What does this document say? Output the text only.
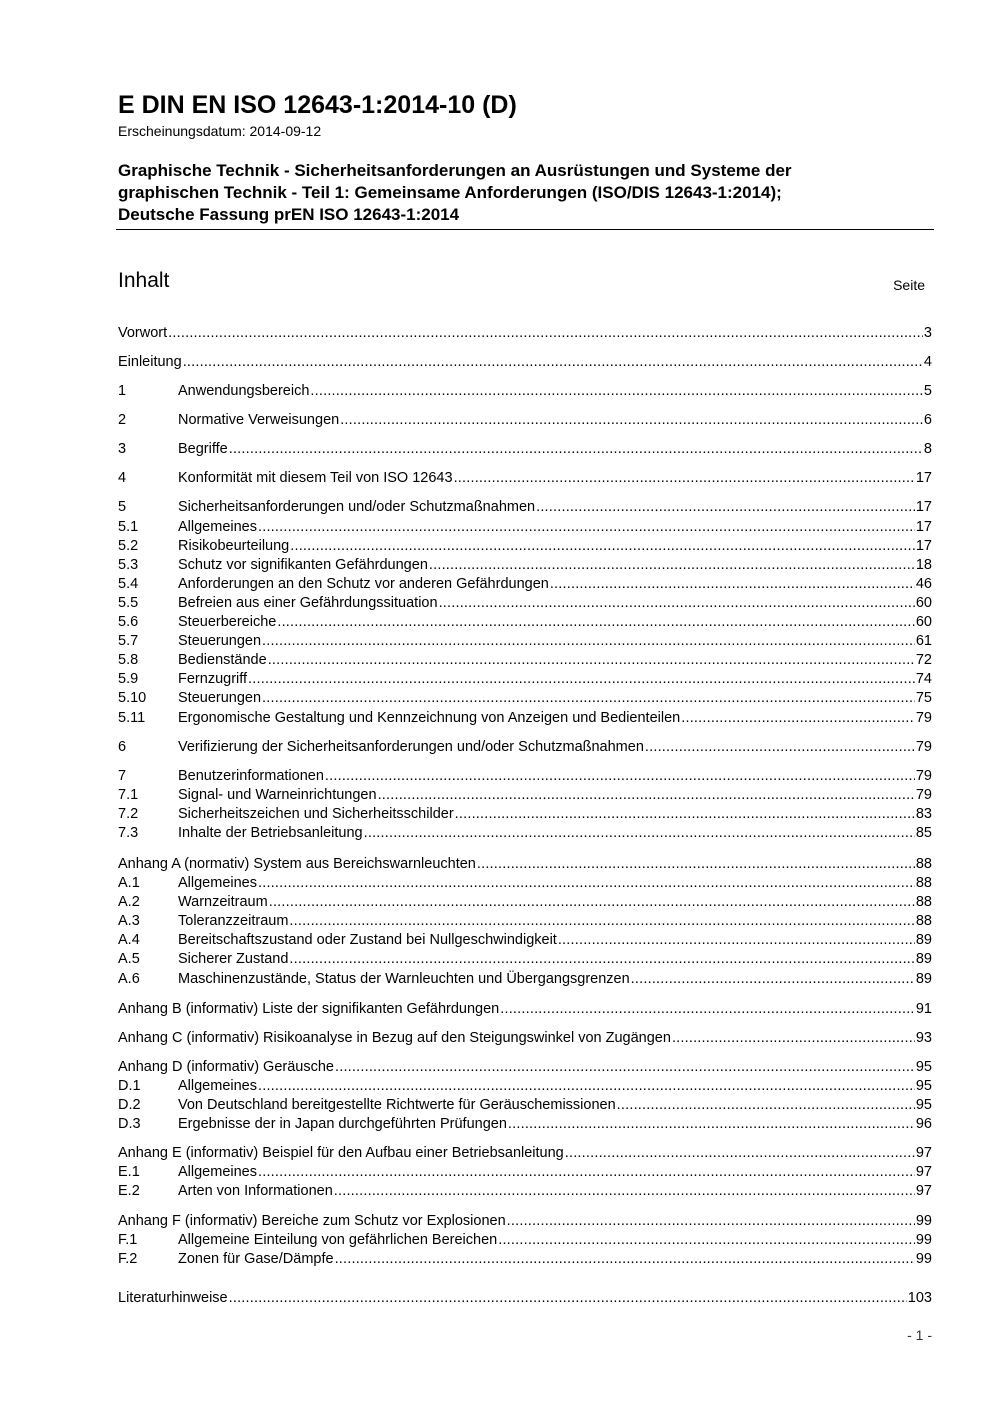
E DIN EN ISO 12643-1:2014-10 (D)
Erscheinungsdatum: 2014-09-12
Graphische Technik - Sicherheitsanforderungen an Ausrüstungen und Systeme der
graphischen Technik - Teil 1: Gemeinsame Anforderungen (ISO/DIS 12643-1:2014);
Deutsche Fassung prEN ISO 12643-1:2014
Inhalt	Seite
Vorwort .....	3
Einleitung .....	4
1	Anwendungsbereich .....	5
2	Normative Verweisungen .....	6
3	Begriffe .....	8
4	Konformität mit diesem Teil von ISO 12643 .....	17
5	Sicherheitsanforderungen und/oder Schutzmaßnahmen .....	17
5.1	Allgemeines .....	17
5.2	Risikobeurteilung .....	17
5.3	Schutz vor signifikanten Gefährdungen .....	18
5.4	Anforderungen an den Schutz vor anderen Gefährdungen .....	46
5.5	Befreien aus einer Gefährdungssituation .....	60
5.6	Steuerbereiche .....	60
5.7	Steuerungen .....	61
5.8	Bedienstände .....	72
5.9	Fernzugriff .....	74
5.10	Steuerungen .....	75
5.11	Ergonomische Gestaltung und Kennzeichnung von Anzeigen und Bedienteilen .....	79
6	Verifizierung der Sicherheitsanforderungen und/oder Schutzmaßnahmen .....	79
7	Benutzerinformationen .....	79
7.1	Signal- und Warneinrichtungen .....	79
7.2	Sicherheitszeichen und Sicherheitsschilder .....	83
7.3	Inhalte der Betriebsanleitung .....	85
Anhang A (normativ) System aus Bereichswarnleuchten .....	88
A.1	Allgemeines .....	88
A.2	Warnzeitraum .....	88
A.3	Toleranzzeitraum .....	88
A.4	Bereitschaftszustand oder Zustand bei Nullgeschwindigkeit .....	89
A.5	Sicherer Zustand .....	89
A.6	Maschinenzustände, Status der Warnleuchten und Übergangsgrenzen .....	89
Anhang B (informativ) Liste der signifikanten Gefährdungen .....	91
Anhang C (informativ) Risikoanalyse in Bezug auf den Steigungswinkel von Zugängen .....	93
Anhang D (informativ) Geräusche .....	95
D.1	Allgemeines .....	95
D.2	Von Deutschland bereitgestellte Richtwerte für Geräuschemissionen .....	95
D.3	Ergebnisse der in Japan durchgeführten Prüfungen .....	96
Anhang E (informativ) Beispiel für den Aufbau einer Betriebsanleitung .....	97
E.1	Allgemeines .....	97
E.2	Arten von Informationen .....	97
Anhang F (informativ) Bereiche zum Schutz vor Explosionen .....	99
F.1	Allgemeine Einteilung von gefährlichen Bereichen .....	99
F.2	Zonen für Gase/Dämpfe .....	99
Literaturhinweise .....	103
- 1 -
